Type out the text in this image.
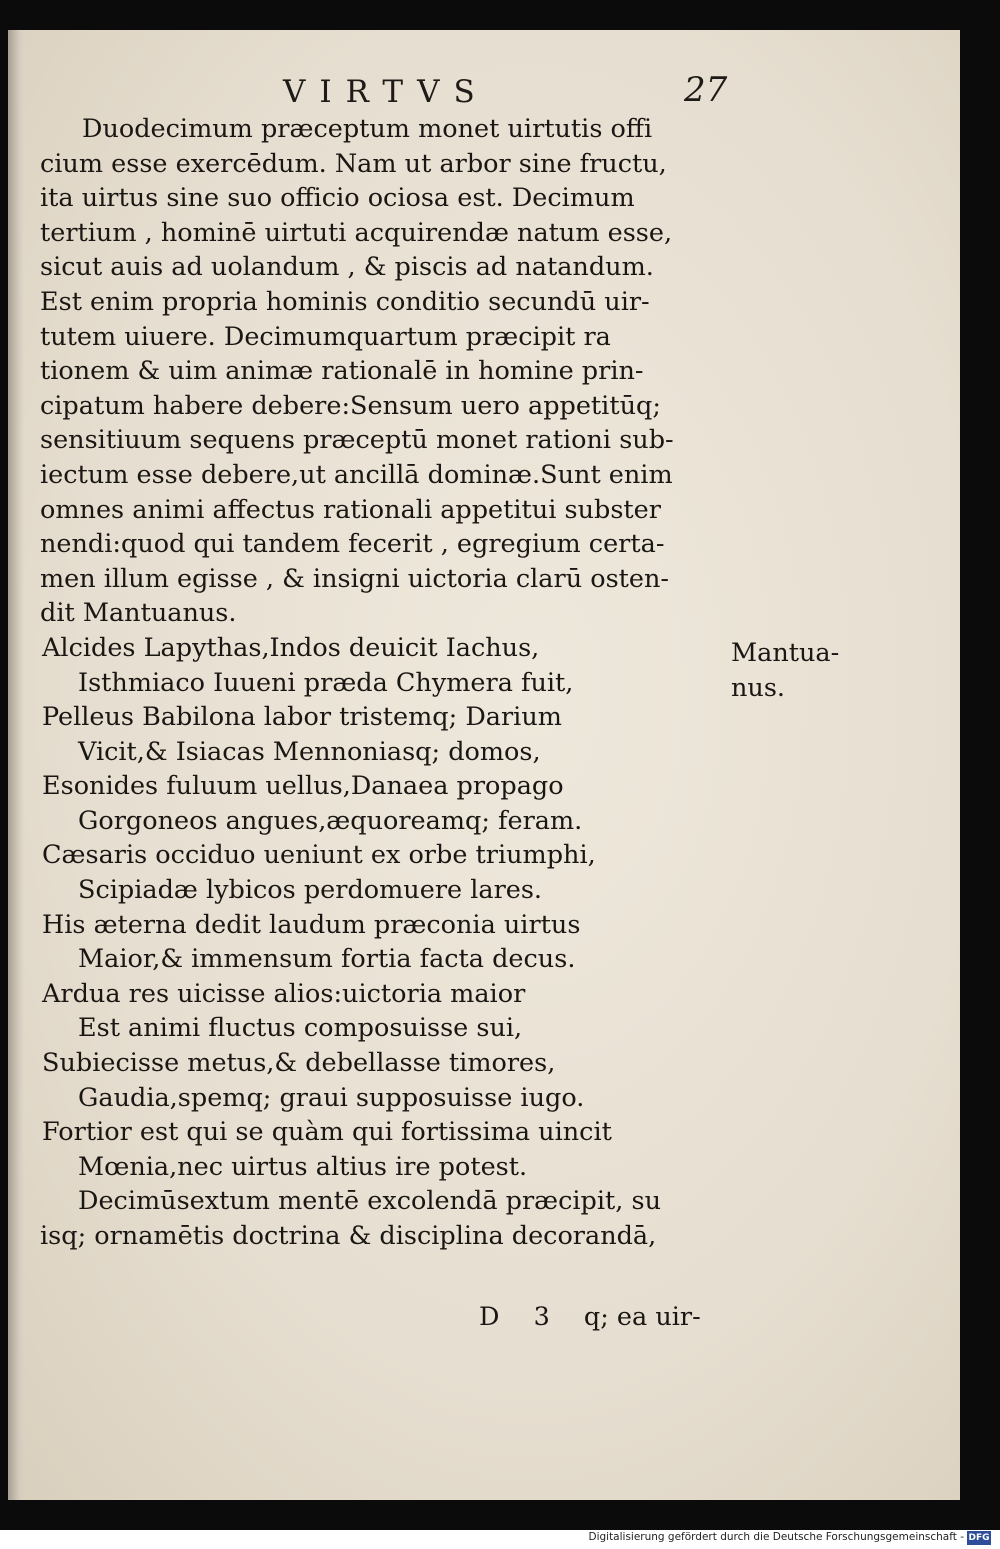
VIRTVS	27
Duodecimum præceptum monet uirtutis offi
cium esse exercēdum. Nam ut arbor sine fructu,
ita uirtus sine suo officio ociosa est. Decimum
tertium , hominē uirtuti acquirendæ natum esse,
sicut auis ad uolandum , & piscis ad natandum.
Est enim propria hominis conditio secundū uir-
tutem uiuere. Decimumquartum præcipit ra
tionem & uim animæ rationalē in homine prin-
cipatum habere debere:Sensum uero appetitūq;
sensitiuum sequens præceptū monet rationi sub-
iectum esse debere,ut ancillā dominæ.Sunt enim
omnes animi affectus rationali appetitui subster
nendi:quod qui tandem fecerit , egregium certa-
men illum egisse , & insigni uictoria clarū osten-
dit Mantuanus.
Alcides Lapythas,Indos deuicit Iachus,
Isthmiaco Iuueni præda Chymera fuit,
Pelleus Babilona labor tristemq; Darium
Vicit,& Isiacas Mennoniasq; domos,
Esonides fuluum uellus,Danaea propago
Gorgoneos angues,æquoreamq; feram.
Cæsaris occiduo ueniunt ex orbe triumphi,
Scipiadæ lybicos perdomuere lares.
His æterna dedit laudum præconia uirtus
Maior,& immensum fortia facta decus.
Ardua res uicisse alios:uictoria maior
Est animi fluctus composuisse sui,
Subiecisse metus,& debellasse timores,
Gaudia,spemq; graui supposuisse iugo.
Fortior est qui se quàm qui fortissima uincit
Mœnia,nec uirtus altius ire potest.
Decimūsextum mentē excolendā præcipit, su
isq; ornamētis doctrina & disciplina decorandā,
Mantua-
nus.
D 3 q; ea uir-
Digitalisierung gefördert durch die Deutsche Forschungsgemeinschaft - DFG
